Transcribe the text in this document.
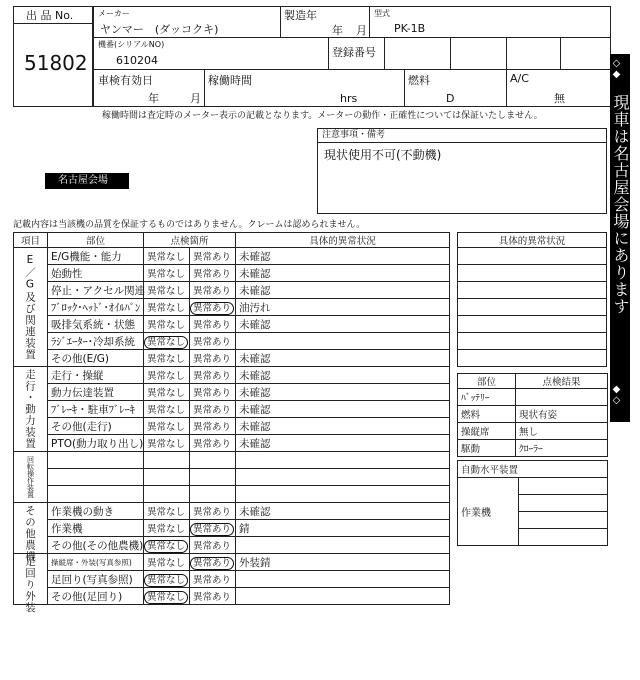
出 品 No.
51802
メーカー
ヤンマー　(ダッコクキ)
製造年
年 月
型式
PK-1B
機番(シリアルNO)
610204
登録番号
車検有効日
年	月
稼働時間
hrs
燃料
D
A/C
無
稼働時間は査定時のメーター表示の記載となります。メーターの動作・正確性については保証いたしません。
注意事項・備考
現状使用不可(不動機)
名古屋会場
◇◆
現車は名古屋会場にあります
◆◇
記載内容は当該機の品質を保証するものではありません。クレームは認められません。
項目	部位	点検箇所		具体的異常状況
E／G及び関連装置	E/G機能・能力	異常なし	異常あり	未確認
	始動性	異常なし	異常あり	未確認
	停止・アクセル関連	異常なし	異常あり	未確認
	ﾌﾞﾛｯｸ･ﾍｯﾄﾞ･ｵｲﾙﾊﾟﾝ	異常なし	異常あり	油汚れ
	吸排気系統・状態	異常なし	異常あり	未確認
	ﾗｼﾞｴｰﾀｰ･冷却系統	異常なし	異常あり	
	その他(E/G)	異常なし	異常あり	未確認
走行・動力装置	走行・操縦	異常なし	異常あり	未確認
	動力伝達装置	異常なし	異常あり	未確認
	ﾌﾞﾚｰｷ・駐車ﾌﾞﾚｰｷ	異常なし	異常あり	未確認
	その他(走行)	異常なし	異常あり	未確認
	PTO(動力取り出し)	異常なし	異常あり	未確認
回転操作装置				

その他農機	作業機の動き	異常なし	異常あり	未確認
	作業機	異常なし	異常あり	錆
	その他(その他農機)	異常なし	異常あり	
足回り外装	操縦席・外装(写真参照)	異常なし	異常あり	外装錆
	足回り(写真参照)	異常なし	異常あり	
	その他(足回り)	異常なし	異常あり	
具体的異常状況

部位	点検結果
ﾊﾞｯﾃﾘｰ	
燃料	現状有姿
操縦席	無し
駆動	ｸﾛｰﾗｰ
自動水平装置
作業機	
